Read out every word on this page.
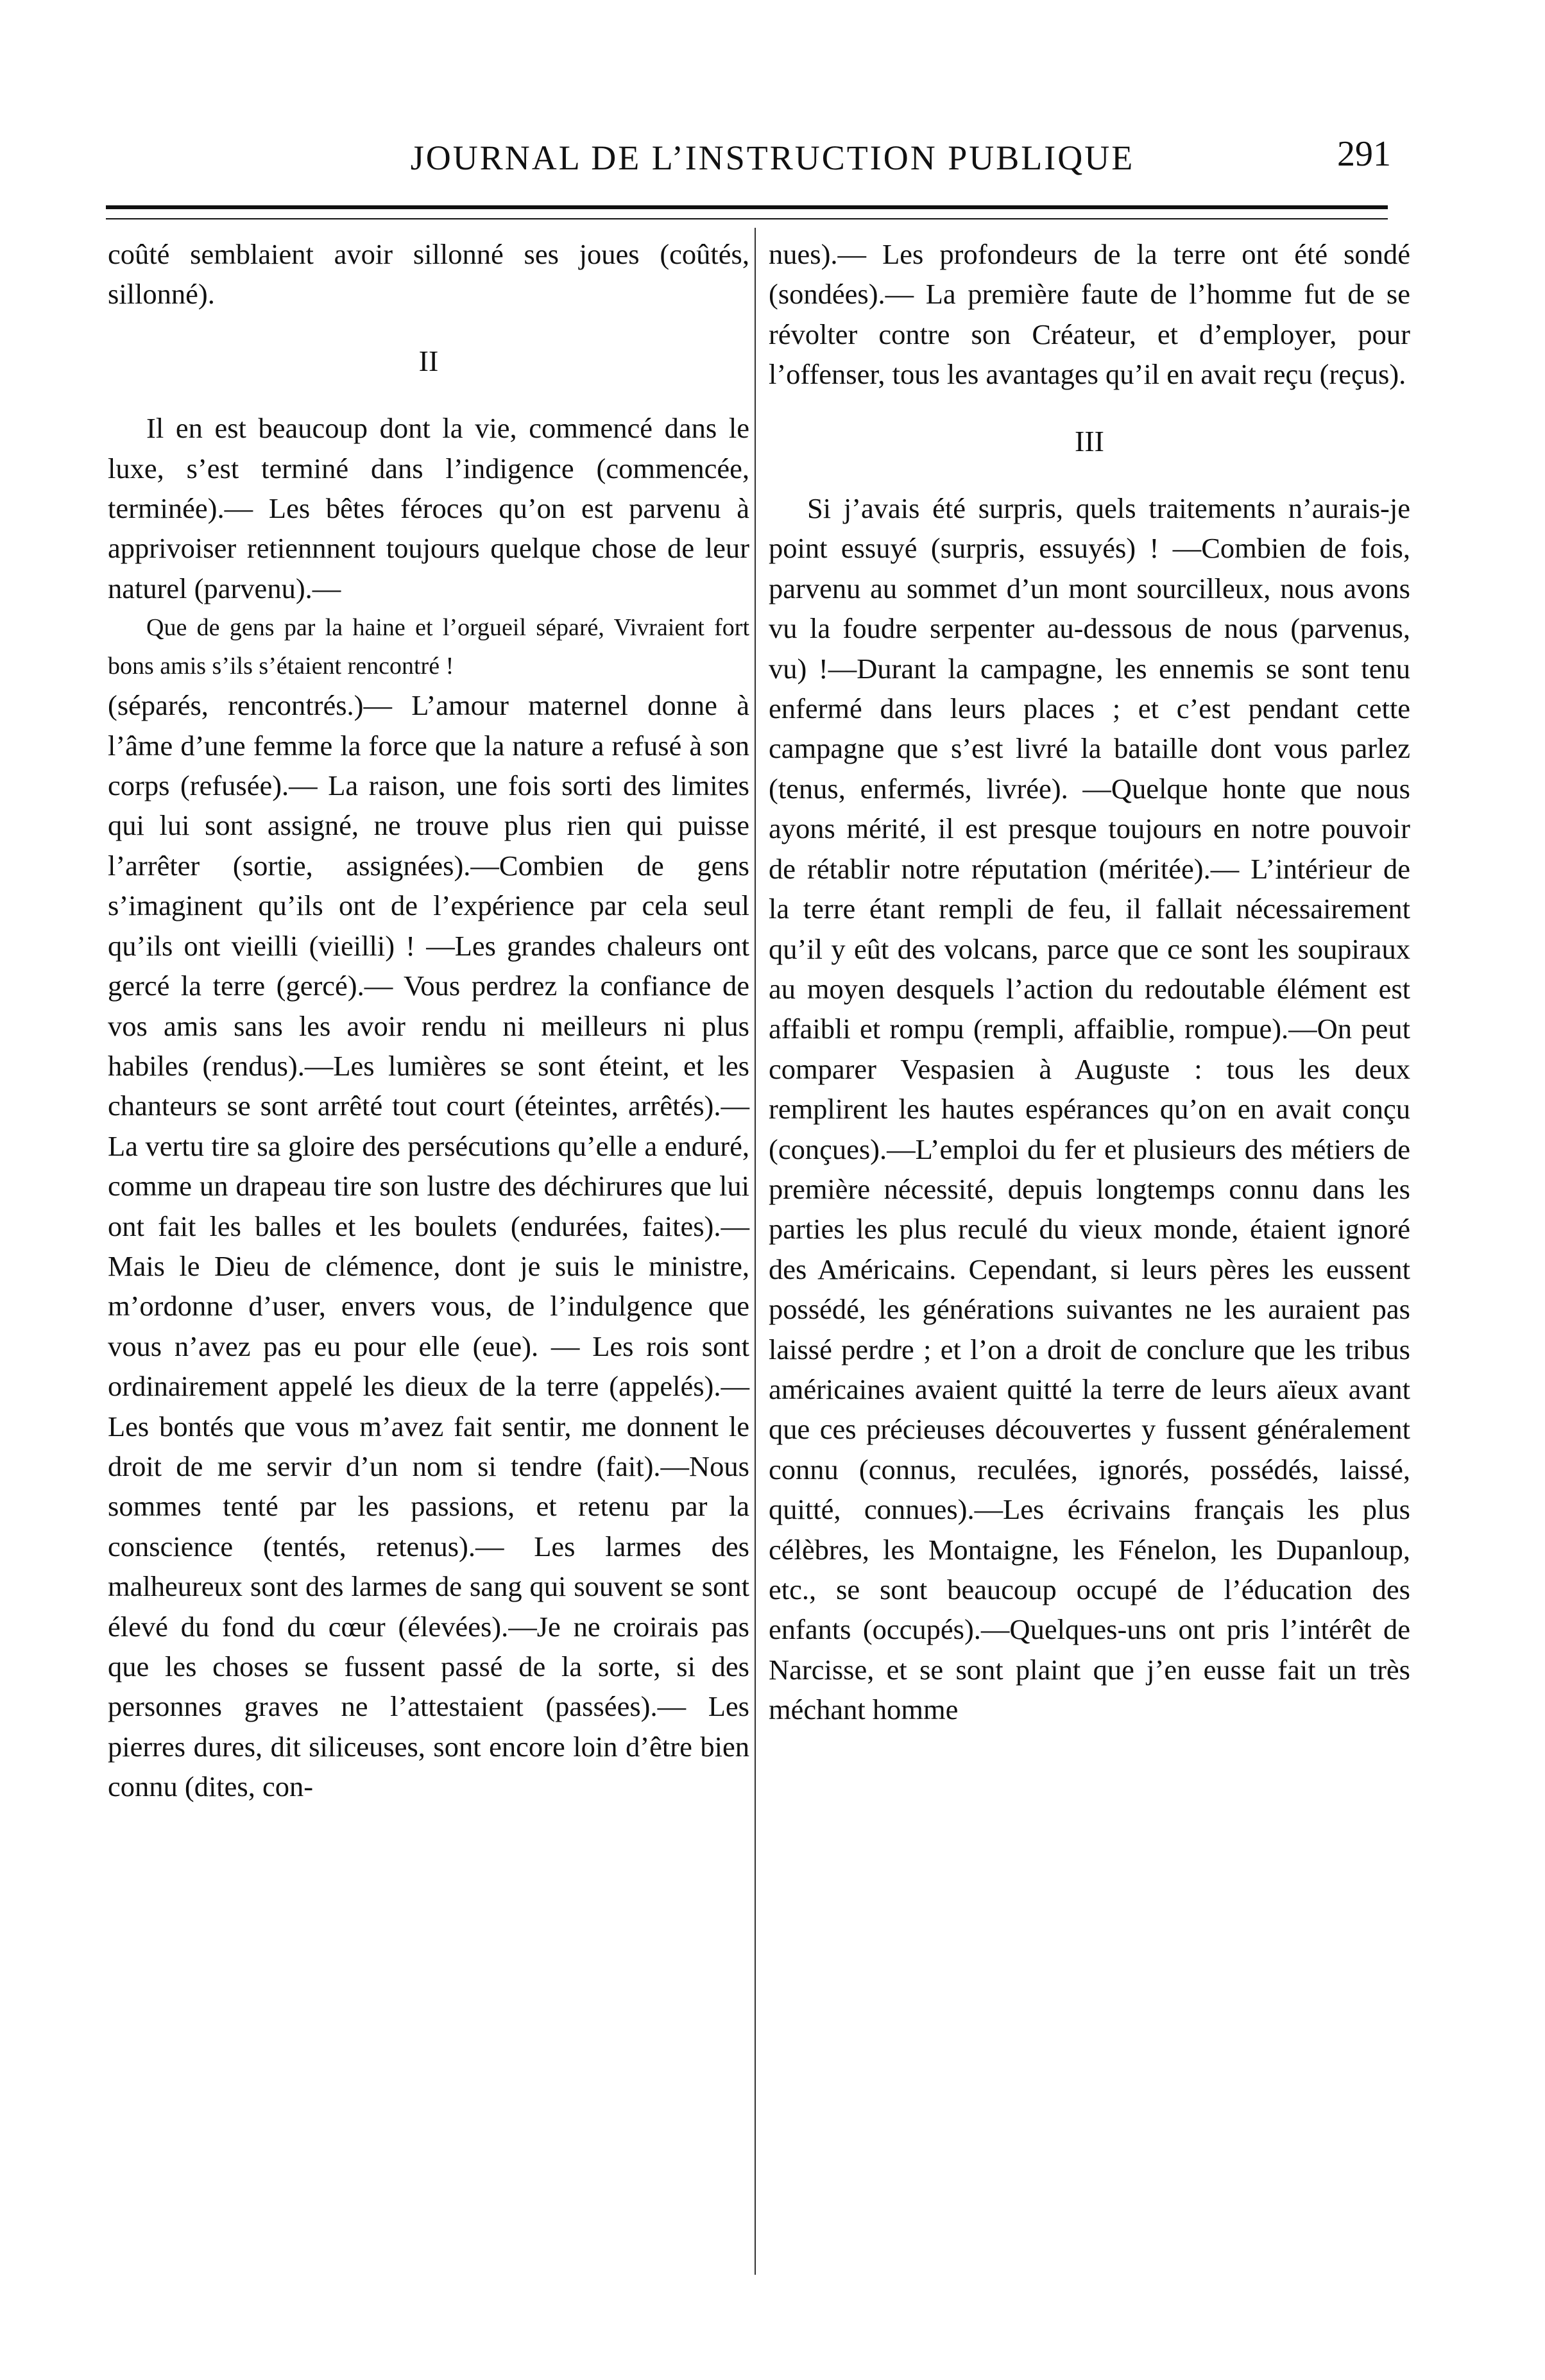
JOURNAL DE L’INSTRUCTION PUBLIQUE	291

coûté semblaient avoir sillonné ses joues (coûtés, sillonné).

II

Il en est beaucoup dont la vie, commencé dans le luxe, s’est terminé dans l’indigence (commencée, terminée).— Les bêtes féroces qu’on est parvenu à apprivoiser retiennnent toujours quelque chose de leur naturel (parvenu).—

Que de gens par la haine et l’orgueil séparé, Vivraient fort bons amis s’ils s’étaient rencontré !

(séparés, rencontrés.)— L’amour maternel donne à l’âme d’une femme la force que la nature a refusé à son corps (refusée).— La raison, une fois sorti des limites qui lui sont assigné, ne trouve plus rien qui puisse l’arrêter (sortie, assignées).—Combien de gens s’imaginent qu’ils ont de l’expérience par cela seul qu’ils ont vieilli (vieilli) ! —Les grandes chaleurs ont gercé la terre (gercé).— Vous perdrez la confiance de vos amis sans les avoir rendu ni meilleurs ni plus habiles (rendus).—Les lumières se sont éteint, et les chanteurs se sont arrêté tout court (éteintes, arrêtés).—La vertu tire sa gloire des persécutions qu’elle a enduré, comme un drapeau tire son lustre des déchirures que lui ont fait les balles et les boulets (endurées, faites).— Mais le Dieu de clémence, dont je suis le ministre, m’ordonne d’user, envers vous, de l’indulgence que vous n’avez pas eu pour elle (eue). — Les rois sont ordinairement appelé les dieux de la terre (appelés).— Les bontés que vous m’avez fait sentir, me donnent le droit de me servir d’un nom si tendre (fait).—Nous sommes tenté par les passions, et retenu par la conscience (tentés, retenus).— Les larmes des malheureux sont des larmes de sang qui souvent se sont élevé du fond du cœur (élevées).—Je ne croirais pas que les choses se fussent passé de la sorte, si des personnes graves ne l’attestaient (passées).— Les pierres dures, dit siliceuses, sont encore loin d’être bien connu (dites, con-

nues).— Les profondeurs de la terre ont été sondé (sondées).— La première faute de l’homme fut de se révolter contre son Créateur, et d’employer, pour l’offenser, tous les avantages qu’il en avait reçu (reçus).

III

Si j’avais été surpris, quels traitements n’aurais-je point essuyé (surpris, essuyés) ! —Combien de fois, parvenu au sommet d’un mont sourcilleux, nous avons vu la foudre serpenter au-dessous de nous (parvenus, vu) !—Durant la campagne, les ennemis se sont tenu enfermé dans leurs places ; et c’est pendant cette campagne que s’est livré la bataille dont vous parlez (tenus, enfermés, livrée). —Quelque honte que nous ayons mérité, il est presque toujours en notre pouvoir de rétablir notre réputation (méritée).— L’intérieur de la terre étant rempli de feu, il fallait nécessairement qu’il y eût des volcans, parce que ce sont les soupiraux au moyen desquels l’action du redoutable élément est affaibli et rompu (rempli, affaiblie, rompue).—On peut comparer Vespasien à Auguste : tous les deux remplirent les hautes espérances qu’on en avait conçu (conçues).—L’emploi du fer et plusieurs des métiers de première nécessité, depuis longtemps connu dans les parties les plus reculé du vieux monde, étaient ignoré des Américains. Cependant, si leurs pères les eussent possédé, les générations suivantes ne les auraient pas laissé perdre ; et l’on a droit de conclure que les tribus américaines avaient quitté la terre de leurs aïeux avant que ces précieuses découvertes y fussent généralement connu (connus, reculées, ignorés, possédés, laissé, quitté, connues).—Les écrivains français les plus célèbres, les Montaigne, les Fénelon, les Dupanloup, etc., se sont beaucoup occupé de l’éducation des enfants (occupés).—Quelques-uns ont pris l’intérêt de Narcisse, et se sont plaint que j’en eusse fait un très méchant homme
